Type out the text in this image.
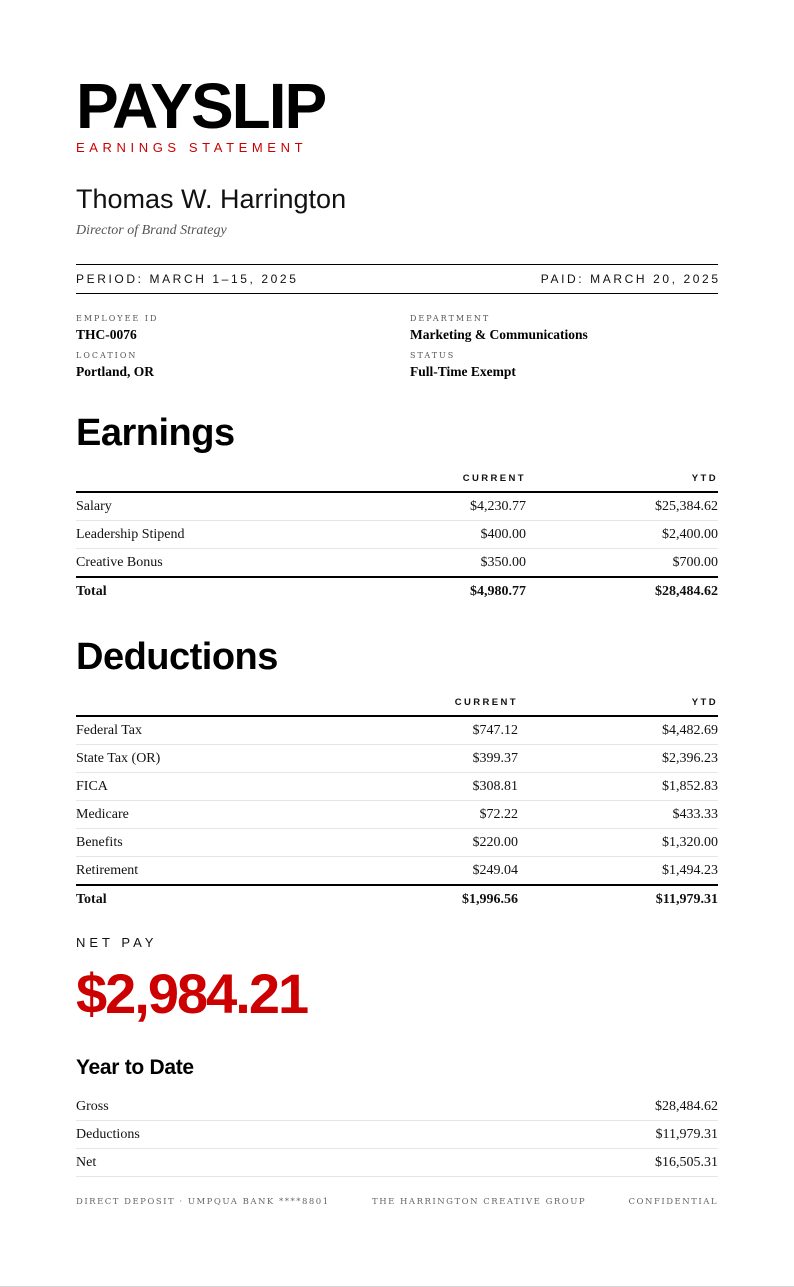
PAYSLIP
EARNINGS STATEMENT
Thomas W. Harrington
Director of Brand Strategy
PERIOD: MARCH 1–15, 2025	PAID: MARCH 20, 2025
EMPLOYEE ID
THC-0076
DEPARTMENT
Marketing & Communications
LOCATION
Portland, OR
STATUS
Full-Time Exempt
Earnings
	CURRENT	YTD
Salary	$4,230.77	$25,384.62
Leadership Stipend	$400.00	$2,400.00
Creative Bonus	$350.00	$700.00
Total	$4,980.77	$28,484.62
Deductions
	CURRENT	YTD
Federal Tax	$747.12	$4,482.69
State Tax (OR)	$399.37	$2,396.23
FICA	$308.81	$1,852.83
Medicare	$72.22	$433.33
Benefits	$220.00	$1,320.00
Retirement	$249.04	$1,494.23
Total	$1,996.56	$11,979.31
NET PAY
$2,984.21
Year to Date
Gross	$28,484.62
Deductions	$11,979.31
Net	$16,505.31
DIRECT DEPOSIT · UMPQUA BANK ****8801	THE HARRINGTON CREATIVE GROUP	CONFIDENTIAL
